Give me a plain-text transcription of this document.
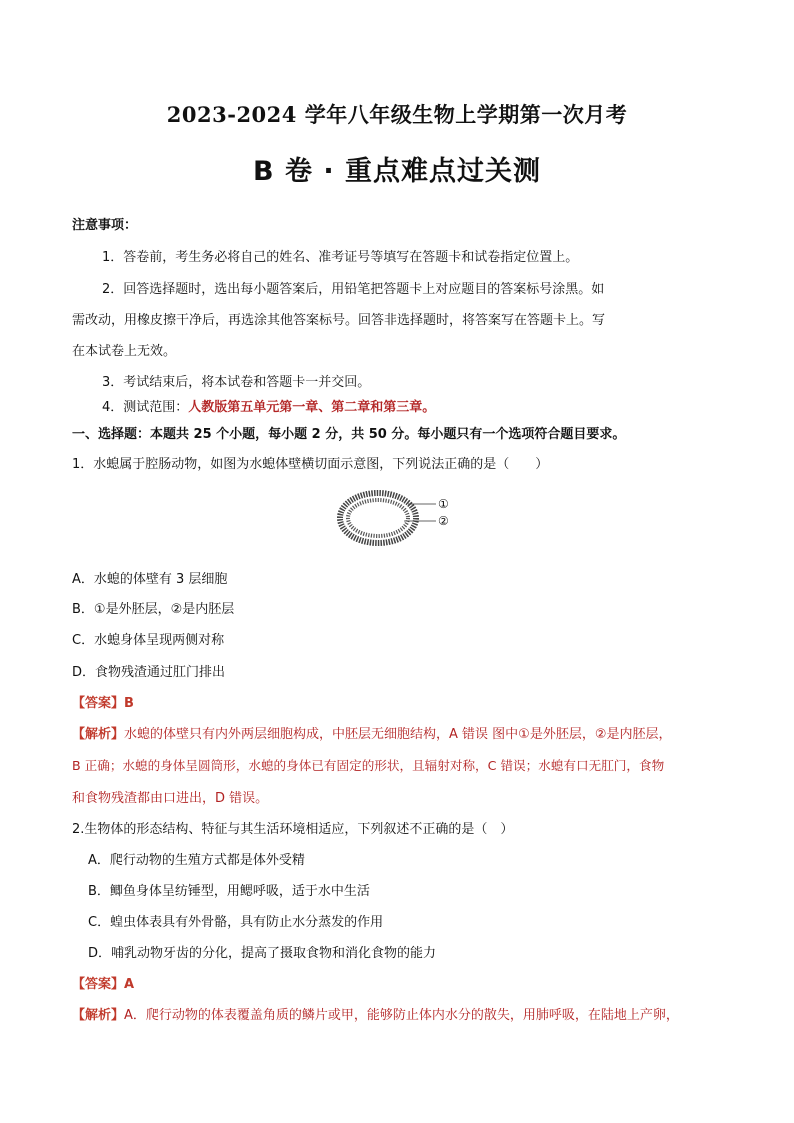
2023-2024 学年八年级生物上学期第一次月考
B 卷 · 重点难点过关测
注意事项：
1．答卷前，考生务必将自己的姓名、准考证号等填写在答题卡和试卷指定位置上。
2．回答选择题时，选出每小题答案后，用铅笔把答题卡上对应题目的答案标号涂黑。如
需改动，用橡皮擦干净后，再选涂其他答案标号。回答非选择题时，将答案写在答题卡上。写
在本试卷上无效。
3．考试结束后，将本试卷和答题卡一并交回。
4．测试范围：人教版第五单元第一章、第二章和第三章。
一、选择题：本题共 25 个小题，每小题 2 分，共 50 分。每小题只有一个选项符合题目要求。
1．水螅属于腔肠动物，如图为水螅体壁横切面示意图，下列说法正确的是（　　）
①
②
A．水螅的体壁有 3 层细胞
B．①是外胚层，②是内胚层
C．水螅身体呈现两侧对称
D．食物残渣通过肛门排出
【答案】B
【解析】水螅的体壁只有内外两层细胞构成，中胚层无细胞结构，A 错误 图中①是外胚层，②是内胚层，
B 正确；水螅的身体呈圆筒形，水螅的身体已有固定的形状，且辐射对称，C 错误；水螅有口无肛门，食物
和食物残渣都由口进出，D 错误。
2.生物体的形态结构、特征与其生活环境相适应，下列叙述不正确的是（　）
A．爬行动物的生殖方式都是体外受精
B．鲫鱼身体呈纺锤型，用鳃呼吸，适于水中生活
C．蝗虫体表具有外骨骼，具有防止水分蒸发的作用
D．哺乳动物牙齿的分化，提高了摄取食物和消化食物的能力
【答案】A
【解析】A．爬行动物的体表覆盖角质的鳞片或甲，能够防止体内水分的散失，用肺呼吸，在陆地上产卵，
